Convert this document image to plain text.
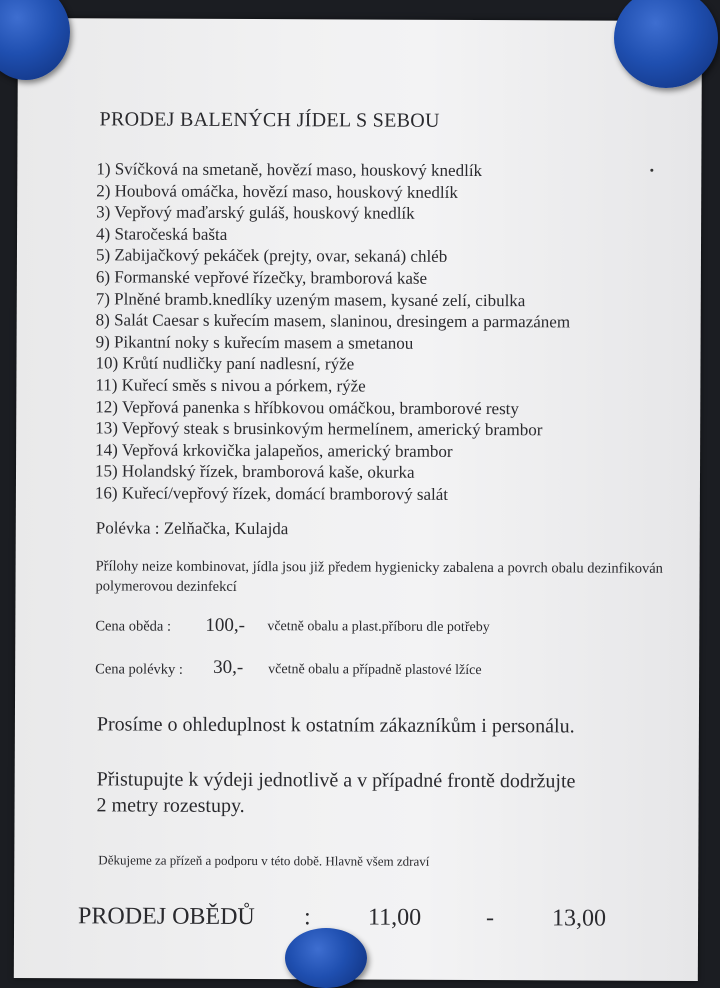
PRODEJ BALENÝCH JÍDEL S SEBOU
1) Svíčková na smetaně, hovězí maso, houskový knedlík
2) Houbová omáčka, hovězí maso, houskový knedlík
3) Vepřový maďarský guláš, houskový knedlík
4) Staročeská bašta
5) Zabijačkový pekáček (prejty, ovar, sekaná) chléb
6) Formanské vepřové řízečky, bramborová kaše
7) Plněné bramb.knedlíky uzeným masem, kysané zelí, cibulka
8) Salát Caesar s kuřecím masem, slaninou, dresingem a parmazánem
9) Pikantní noky s kuřecím masem a smetanou
10) Krůtí nudličky paní nadlesní, rýže
11) Kuřecí směs s nivou a pórkem, rýže
12) Vepřová panenka s hříbkovou omáčkou, bramborové resty
13) Vepřový steak s brusinkovým hermelínem, americký brambor
14) Vepřová krkovička jalapeňos, americký brambor
15) Holandský řízek, bramborová kaše, okurka
16) Kuřecí/vepřový řízek, domácí bramborový salát
Polévka : Zelňačka, Kulajda
Přílohy neize kombinovat, jídla jsou již předem hygienicky zabalena a povrch obalu dezinfikován polymerovou dezinfekcí
Cena oběda : 100,- včetně obalu a plast.příboru dle potřeby
Cena polévky : 30,- včetně obalu a případně plastové lžíce
Prosíme o ohleduplnost k ostatním zákazníkům i personálu.
Přistupujte k výdeji jednotlivě a v případné frontě dodržujte
2 metry rozestupy.
Děkujeme za přízeň a podporu v této době. Hlavně všem zdraví
PRODEJ OBĚDŮ : 11,00	- 13,00
